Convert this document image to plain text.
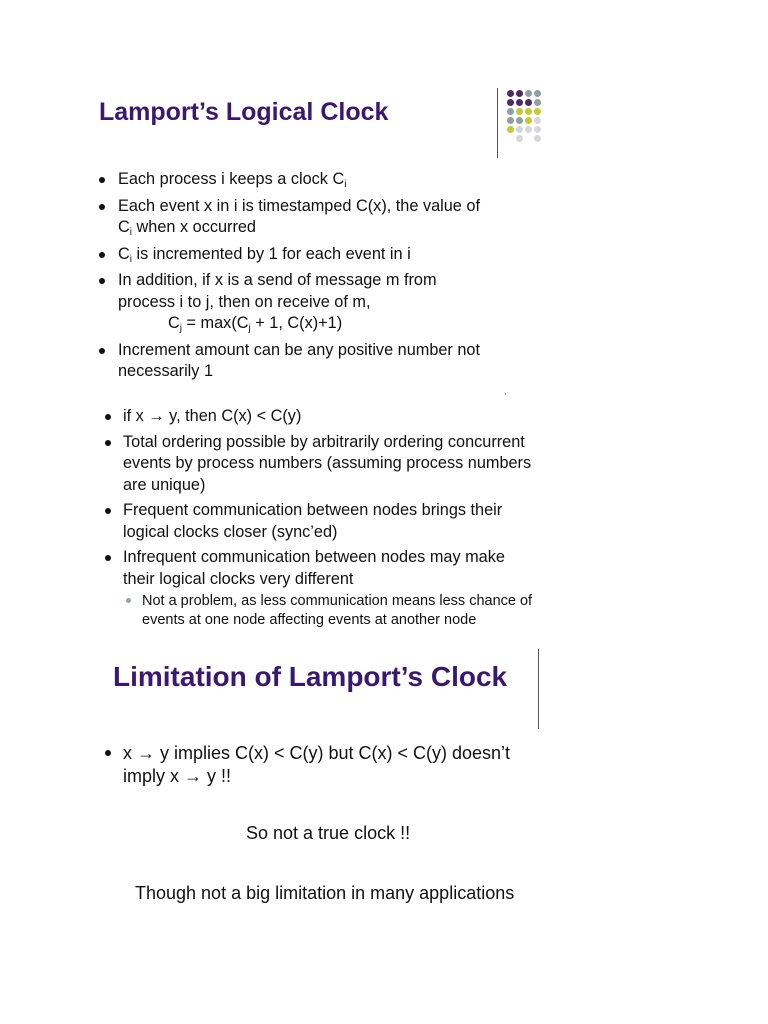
Lamport’s Logical Clock
Each process i keeps a clock $C_i$
Each event x in i is timestamped C(x), the value of
$C_i$ when x occurred
$C_i$ is incremented by 1 for each event in i
In addition, if x is a send of message m from
process i to j, then on receive of m,
$C_j = \max(C_j + 1$, C(x)+1)
Increment amount can be any positive number not necessarily 1
'
if x → y, then C(x) < C(y)
Total ordering possible by arbitrarily ordering concurrent events by process numbers (assuming process numbers are unique)
Frequent communication between nodes brings their logical clocks closer (sync’ed)
Infrequent communication between nodes may make their logical clocks very different
Not a problem, as less communication means less chance of events at one node affecting events at another node
Limitation of Lamport’s Clock
x → y implies C(x) < C(y) but C(x) < C(y) doesn’t imply x → y !!
So not a true clock !!
Though not a big limitation in many applications
